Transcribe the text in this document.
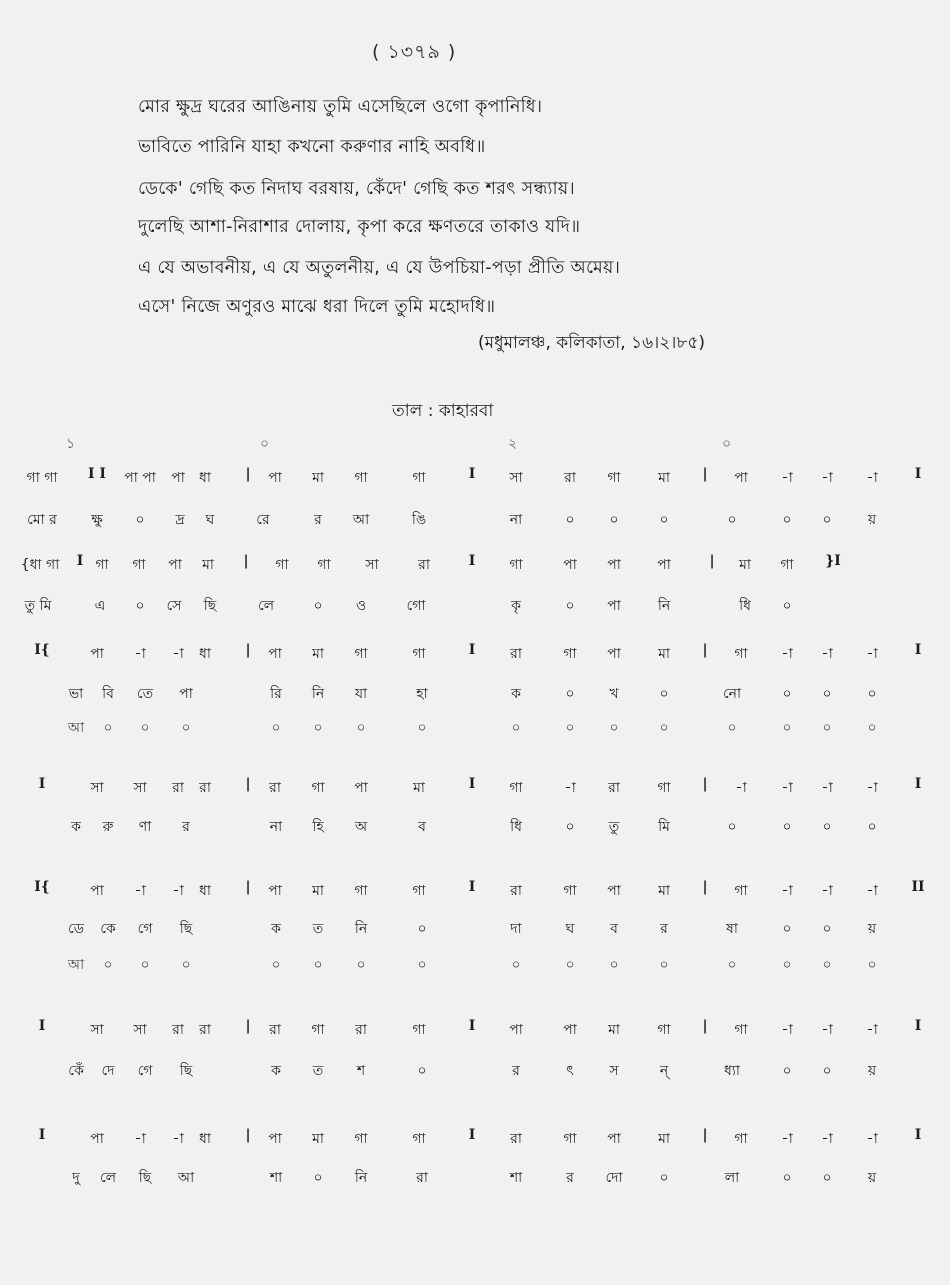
( ১৩৭৯ )
মোর ক্ষুদ্র ঘরের আঙিনায় তুমি এসেছিলে ওগো কৃপানিধি।
ভাবিতে পারিনি যাহা কখনো করুণার নাহি অবধি॥
ডেকে' গেছি কত নিদাঘ বরষায়, কেঁদে' গেছি কত শরৎ সন্ধ্যায়।
দুলেছি আশা-নিরাশার দোলায়, কৃপা করে ক্ষণতরে তাকাও যদি॥
এ যে অভাবনীয়, এ যে অতুলনীয়, এ যে উপচিয়া-পড়া প্রীতি অমেয়।
এসে' নিজে অণুরও মাঝে ধরা দিলে তুমি মহোদধি॥
(মধুমালঞ্চ, কলিকাতা, ১৬।২।৮৫)
তাল : কাহারবা
১	০	২	০
গা গা I I পা পা পা ধা | পা মা গা	গা	I সা	রা গা	মা | পা -া -া -া	I
মো র ক্ষু ০ দ্র ঘ	রে	র আ	ঙি	না	০ ০	০	০	০ ০	য়
{ধা গা I গা গা পা মা | গা গা সা	রা	I গা	পা পা	পা	| মা গা }I
তু মি	এ ০ সে ছি	লে	০ ও	গো	কৃ	০ পা	নি	ধি ০
I{	পা -া -া ধা | পা মা গা	গা	I রা	গা পা	মা | গা -া -া -া	I
ভা বি তে পা	রি নি যা	হা	ক	০ খ	০	নো	০ ০	০
আ ০ ০ ০	০ ০ ০	০	০	০ ০	০	০	০ ০	০
I	সা সা রা রা | রা গা পা	মা	I গা	-া রা	গা | -া -া -া -া	I
ক রু ণা র	না হি অ	ব	ধি	০ তু	মি	০	০ ০	০
I{	পা -া -া ধা | পা মা গা	গা	I রা	গা পা	মা | গা -া -া -া II
ডে কে গে ছি	ক ত নি	০	দা	ঘ	ব	র	ষা	০ ০	য়
আ ০ ০ ০	০ ০ ০	০	০	০ ০	০	০	০ ০	০
I	সা সা রা রা | রা গা রা	গা	I পা	পা মা	গা | গা -া -া -া	I
কেঁ দে গে ছি	ক ত শ	০	র	ৎ	স	ন্	ধ্যা	০ ০	য়
I	পা -া -া ধা | পা মা গা	গা	I রা	গা পা	মা | গা -া -া -া	I
দু লে ছি আ	শা ০ নি	রা	শা	র দো	০	লা	০ ০	য়
